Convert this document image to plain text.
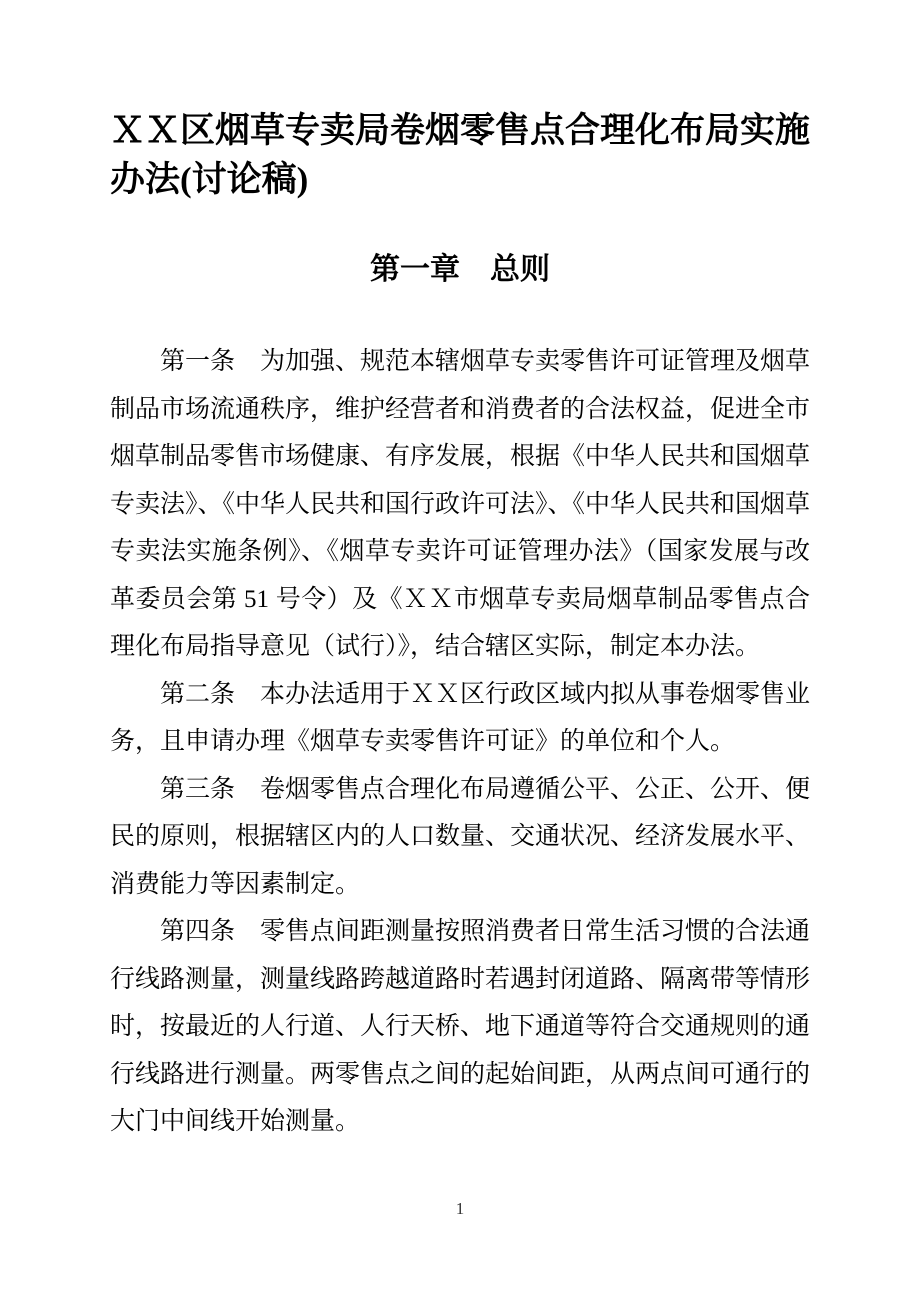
ＸＸ区烟草专卖局卷烟零售点合理化布局实施办法(讨论稿)
第一章　总则

第一条　为加强、规范本辖烟草专卖零售许可证管理及烟草制品市场流通秩序，维护经营者和消费者的合法权益，促进全市烟草制品零售市场健康、有序发展，根据《中华人民共和国烟草专卖法》、《中华人民共和国行政许可法》、《中华人民共和国烟草专卖法实施条例》、《烟草专卖许可证管理办法》（国家发展与改革委员会第 51 号令）及《ＸＸ市烟草专卖局烟草制品零售点合理化布局指导意见（试行）》，结合辖区实际，制定本办法。

第二条　本办法适用于ＸＸ区行政区域内拟从事卷烟零售业务，且申请办理《烟草专卖零售许可证》的单位和个人。

第三条　卷烟零售点合理化布局遵循公平、公正、公开、便民的原则，根据辖区内的人口数量、交通状况、经济发展水平、消费能力等因素制定。

第四条　零售点间距测量按照消费者日常生活习惯的合法通行线路测量，测量线路跨越道路时若遇封闭道路、隔离带等情形时，按最近的人行道、人行天桥、地下通道等符合交通规则的通行线路进行测量。两零售点之间的起始间距，从两点间可通行的大门中间线开始测量。

1
